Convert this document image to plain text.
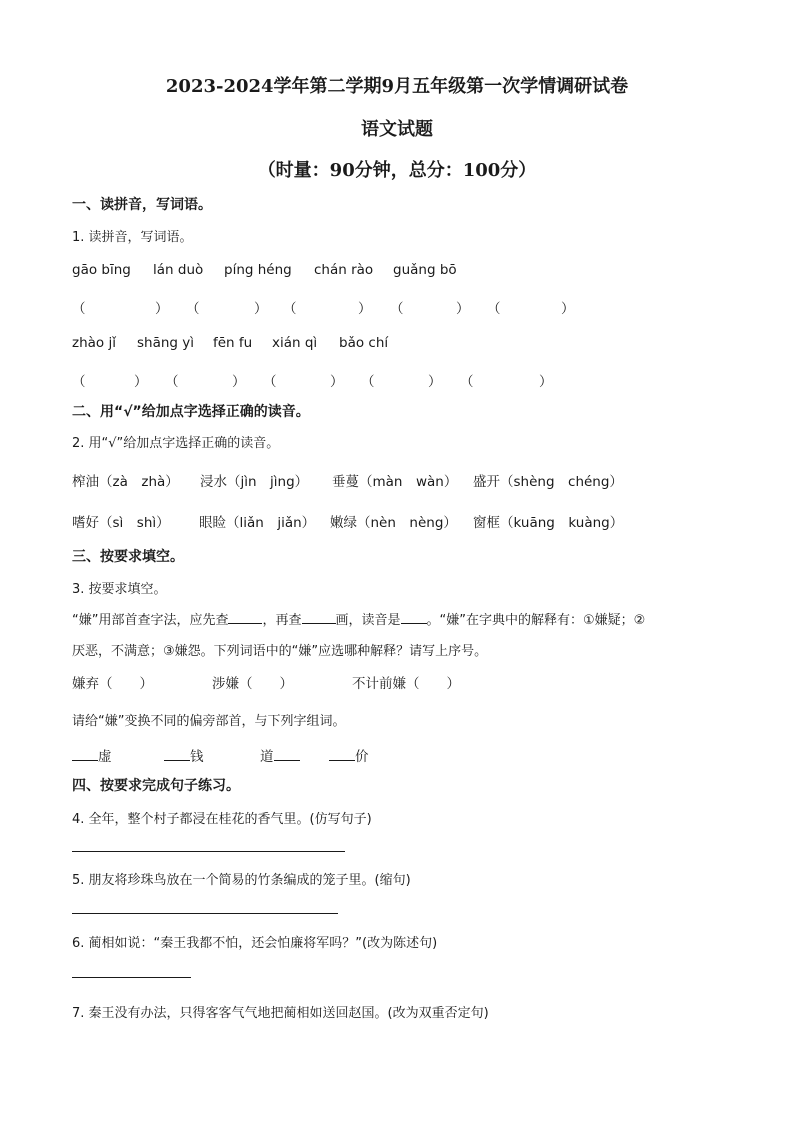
2023-2024学年第二学期9月五年级第一次学情调研试卷
语文试题
（时量：90分钟，总分：100分）
一、读拼音，写词语。
1. 读拼音，写词语。
gāo bīng lán duò píng héng chán rào guǎng bō
（	） （	） （	） （	） （	）
zhào jǐ shāng yì fēn fu xián qì bǎo chí
（	） （	） （	） （	） （	）
二、用“√”给加点字选择正确的读音。
2. 用“√”给加点字选择正确的读音。
榨油（zà　zhà） 浸水（jìn　jìng） 垂蔓（màn　wàn） 盛开（shèng　chéng）
嗜好（sì　shì） 眼睑（liǎn　jiǎn） 嫩绿（nèn　nèng） 窗框（kuāng　kuàng）
三、按要求填空。
3. 按要求填空。
“嫌”用部首查字法，应先查	，再查	画，读音是 。“嫌”在字典中的解释有：①嫌疑；②
厌恶，不满意；③嫌怨。下列词语中的“嫌”应选哪种解释？请写上序号。
嫌弃（　　）	涉嫌（　　）	不计前嫌（　　）
请给“嫌”变换不同的偏旁部首，与下列字组词。
虚	钱	道	价
四、按要求完成句子练习。
4. 全年，整个村子都浸在桂花的香气里。(仿写句子)
5. 朋友将珍珠鸟放在一个简易的竹条编成的笼子里。(缩句)
6. 蔺相如说：“秦王我都不怕，还会怕廉将军吗？”(改为陈述句)
7. 秦王没有办法，只得客客气气地把蔺相如送回赵国。(改为双重否定句)
